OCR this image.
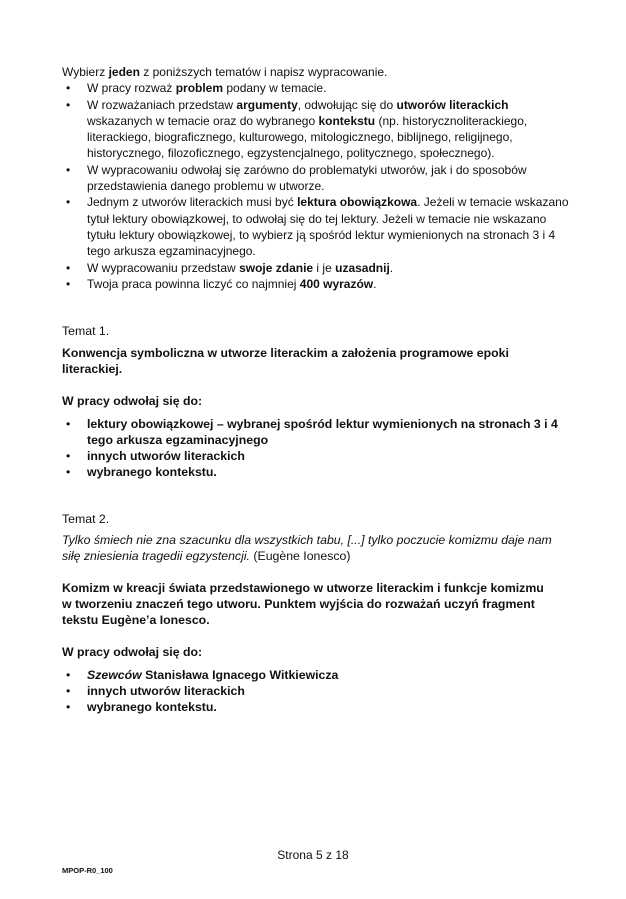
Wybierz jeden z poniższych tematów i napisz wypracowanie.

• W pracy rozważ problem podany w temacie.
• W rozważaniach przedstaw argumenty, odwołując się do utworów literackich wskazanych w temacie oraz do wybranego kontekstu (np. historycznoliterackiego, literackiego, biograficznego, kulturowego, mitologicznego, biblijnego, religijnego, historycznego, filozoficznego, egzystencjalnego, politycznego, społecznego).
• W wypracowaniu odwołaj się zarówno do problematyki utworów, jak i do sposobów przedstawienia danego problemu w utworze.
• Jednym z utworów literackich musi być lektura obowiązkowa. Jeżeli w temacie wskazano tytuł lektury obowiązkowej, to odwołaj się do tej lektury. Jeżeli w temacie nie wskazano tytułu lektury obowiązkowej, to wybierz ją spośród lektur wymienionych na stronach 3 i 4 tego arkusza egzaminacyjnego.
• W wypracowaniu przedstaw swoje zdanie i je uzasadnij.
• Twoja praca powinna liczyć co najmniej 400 wyrazów.

Temat 1.

Konwencja symboliczna w utworze literackim a założenia programowe epoki literackiej.

W pracy odwołaj się do:

• lektury obowiązkowej – wybranej spośród lektur wymienionych na stronach 3 i 4 tego arkusza egzaminacyjnego
• innych utworów literackich
• wybranego kontekstu.

Temat 2.

Tylko śmiech nie zna szacunku dla wszystkich tabu, [...] tylko poczucie komizmu daje nam siłę zniesienia tragedii egzystencji. (Eugène Ionesco)

Komizm w kreacji świata przedstawionego w utworze literackim i funkcje komizmu w tworzeniu znaczeń tego utworu. Punktem wyjścia do rozważań uczyń fragment tekstu Eugène’a Ionesco.

W pracy odwołaj się do:

• Szewców Stanisława Ignacego Witkiewicza
• innych utworów literackich
• wybranego kontekstu.
Strona 5 z 18
MPOP-R0_100
